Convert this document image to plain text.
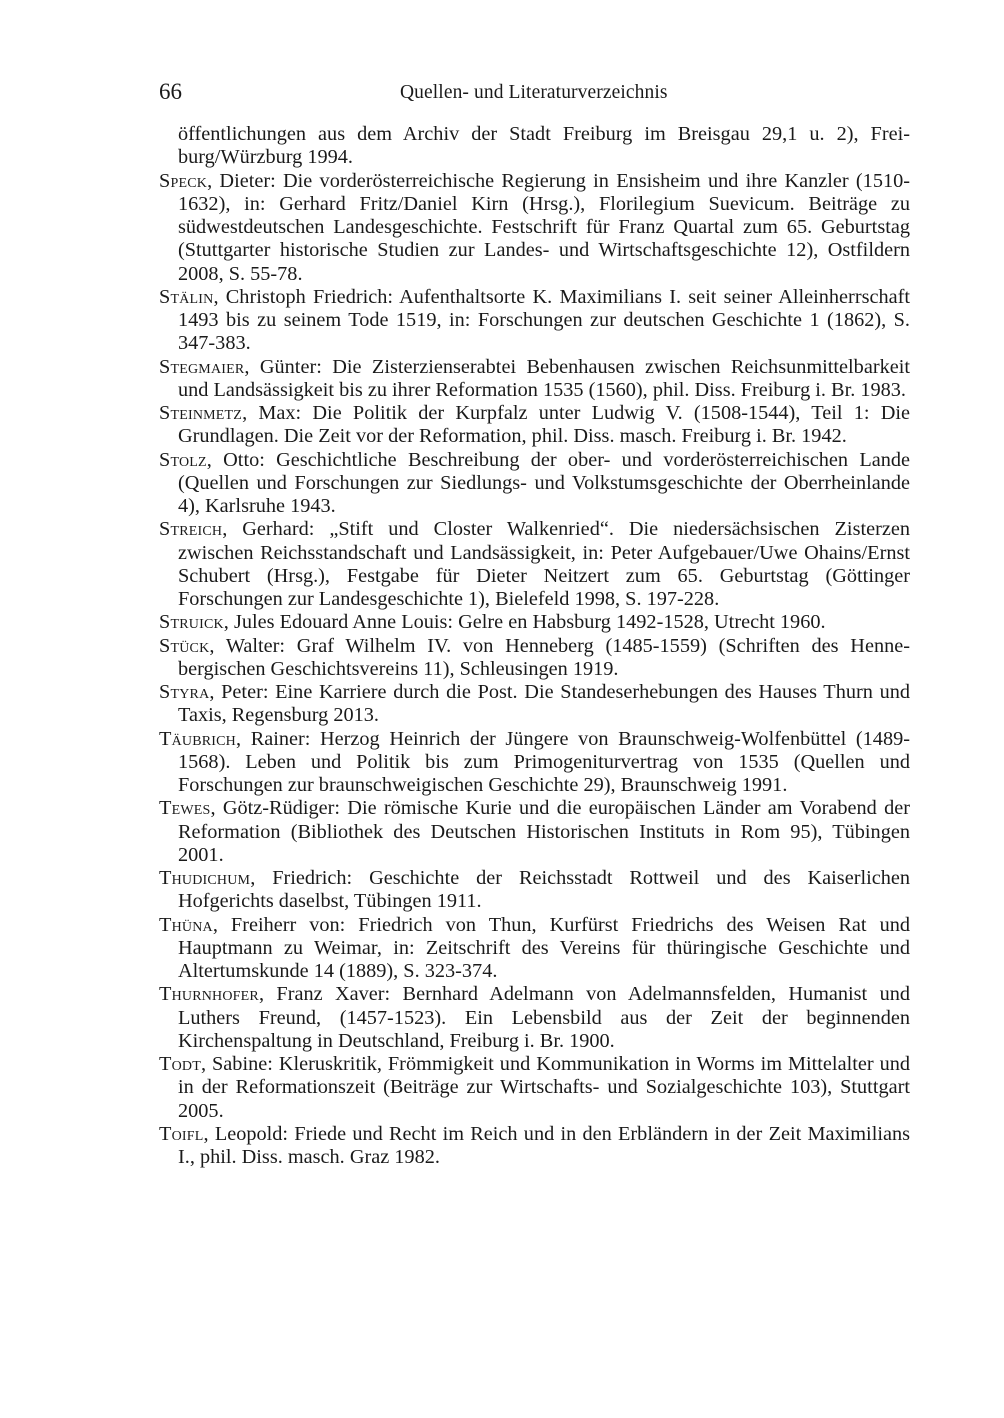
66	Quellen- und Literaturverzeichnis

öffentlichungen aus dem Archiv der Stadt Freiburg im Breisgau 29,1 u. 2), Freiburg/Würzburg 1994.

Speck, Dieter: Die vorderösterreichische Regierung in Ensisheim und ihre Kanzler (1510-1632), in: Gerhard Fritz/Daniel Kirn (Hrsg.), Florilegium Suevicum. Beiträge zu südwestdeutschen Landesgeschichte. Festschrift für Franz Quartal zum 65. Geburtstag (Stuttgarter historische Studien zur Landes- und Wirtschaftsgeschichte 12), Ostfildern 2008, S. 55-78.

Stälin, Christoph Friedrich: Aufenthaltsorte K. Maximilians I. seit seiner Alleinherrschaft 1493 bis zu seinem Tode 1519, in: Forschungen zur deutschen Geschichte 1 (1862), S. 347-383.

Stegmaier, Günter: Die Zisterzienserabtei Bebenhausen zwischen Reichsunmittelbarkeit und Landsässigkeit bis zu ihrer Reformation 1535 (1560), phil. Diss. Freiburg i. Br. 1983.

Steinmetz, Max: Die Politik der Kurpfalz unter Ludwig V. (1508-1544), Teil 1: Die Grundlagen. Die Zeit vor der Reformation, phil. Diss. masch. Freiburg i. Br. 1942.

Stolz, Otto: Geschichtliche Beschreibung der ober- und vorderösterreichischen Lande (Quellen und Forschungen zur Siedlungs- und Volkstumsgeschichte der Oberrheinlande 4), Karlsruhe 1943.

Streich, Gerhard: „Stift und Closter Walkenried“. Die niedersächsischen Zisterzen zwischen Reichsstandschaft und Landsässigkeit, in: Peter Aufgebauer/Uwe Ohains/Ernst Schubert (Hrsg.), Festgabe für Dieter Neitzert zum 65. Geburtstag (Göttinger Forschungen zur Landesgeschichte 1), Bielefeld 1998, S. 197-228.

Struick, Jules Edouard Anne Louis: Gelre en Habsburg 1492-1528, Utrecht 1960.

Stück, Walter: Graf Wilhelm IV. von Henneberg (1485-1559) (Schriften des Hennebergischen Geschichtsvereins 11), Schleusingen 1919.

Styra, Peter: Eine Karriere durch die Post. Die Standeserhebungen des Hauses Thurn und Taxis, Regensburg 2013.

Täubrich, Rainer: Herzog Heinrich der Jüngere von Braunschweig-Wolfenbüttel (1489-1568). Leben und Politik bis zum Primogeniturvertrag von 1535 (Quellen und Forschungen zur braunschweigischen Geschichte 29), Braunschweig 1991.

Tewes, Götz-Rüdiger: Die römische Kurie und die europäischen Länder am Vorabend der Reformation (Bibliothek des Deutschen Historischen Instituts in Rom 95), Tübingen 2001.

Thudichum, Friedrich: Geschichte der Reichsstadt Rottweil und des Kaiserlichen Hofgerichts daselbst, Tübingen 1911.

Thüna, Freiherr von: Friedrich von Thun, Kurfürst Friedrichs des Weisen Rat und Hauptmann zu Weimar, in: Zeitschrift des Vereins für thüringische Geschichte und Altertumskunde 14 (1889), S. 323-374.

Thurnhofer, Franz Xaver: Bernhard Adelmann von Adelmannsfelden, Humanist und Luthers Freund, (1457-1523). Ein Lebensbild aus der Zeit der beginnenden Kirchenspaltung in Deutschland, Freiburg i. Br. 1900.

Todt, Sabine: Kleruskritik, Frömmigkeit und Kommunikation in Worms im Mittelalter und in der Reformationszeit (Beiträge zur Wirtschafts- und Sozialgeschichte 103), Stuttgart 2005.

Toifl, Leopold: Friede und Recht im Reich und in den Erbländern in der Zeit Maximilians I., phil. Diss. masch. Graz 1982.
